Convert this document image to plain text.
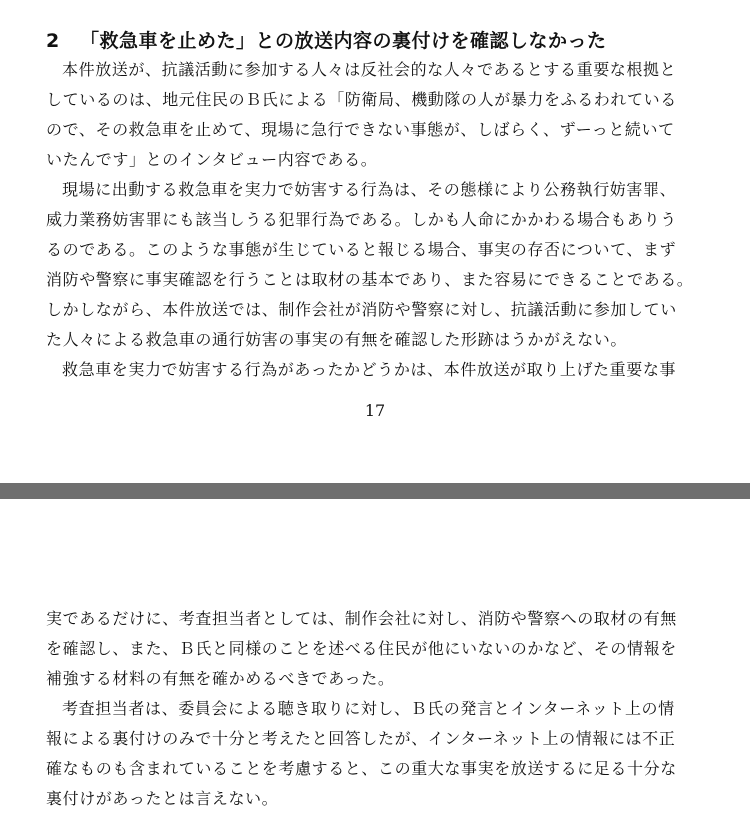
2 「救急車を止めた」との放送内容の裏付けを確認しなかった
本件放送が、抗議活動に参加する人々は反社会的な人々であるとする重要な根拠と
しているのは、地元住民のＢ氏による「防衛局、機動隊の人が暴力をふるわれている
ので、その救急車を止めて、現場に急行できない事態が、しばらく、ずーっと続いて
いたんです」とのインタビュー内容である。
現場に出動する救急車を実力で妨害する行為は、その態様により公務執行妨害罪、
威力業務妨害罪にも該当しうる犯罪行為である。しかも人命にかかわる場合もありう
るのである。このような事態が生じていると報じる場合、事実の存否について、まず
消防や警察に事実確認を行うことは取材の基本であり、また容易にできることである。
しかしながら、本件放送では、制作会社が消防や警察に対し、抗議活動に参加してい
た人々による救急車の通行妨害の事実の有無を確認した形跡はうかがえない。
救急車を実力で妨害する行為があったかどうかは、本件放送が取り上げた重要な事
17
実であるだけに、考査担当者としては、制作会社に対し、消防や警察への取材の有無
を確認し、また、Ｂ氏と同様のことを述べる住民が他にいないのかなど、その情報を
補強する材料の有無を確かめるべきであった。
考査担当者は、委員会による聴き取りに対し、Ｂ氏の発言とインターネット上の情
報による裏付けのみで十分と考えたと回答したが、インターネット上の情報には不正
確なものも含まれていることを考慮すると、この重大な事実を放送するに足る十分な
裏付けがあったとは言えない。
